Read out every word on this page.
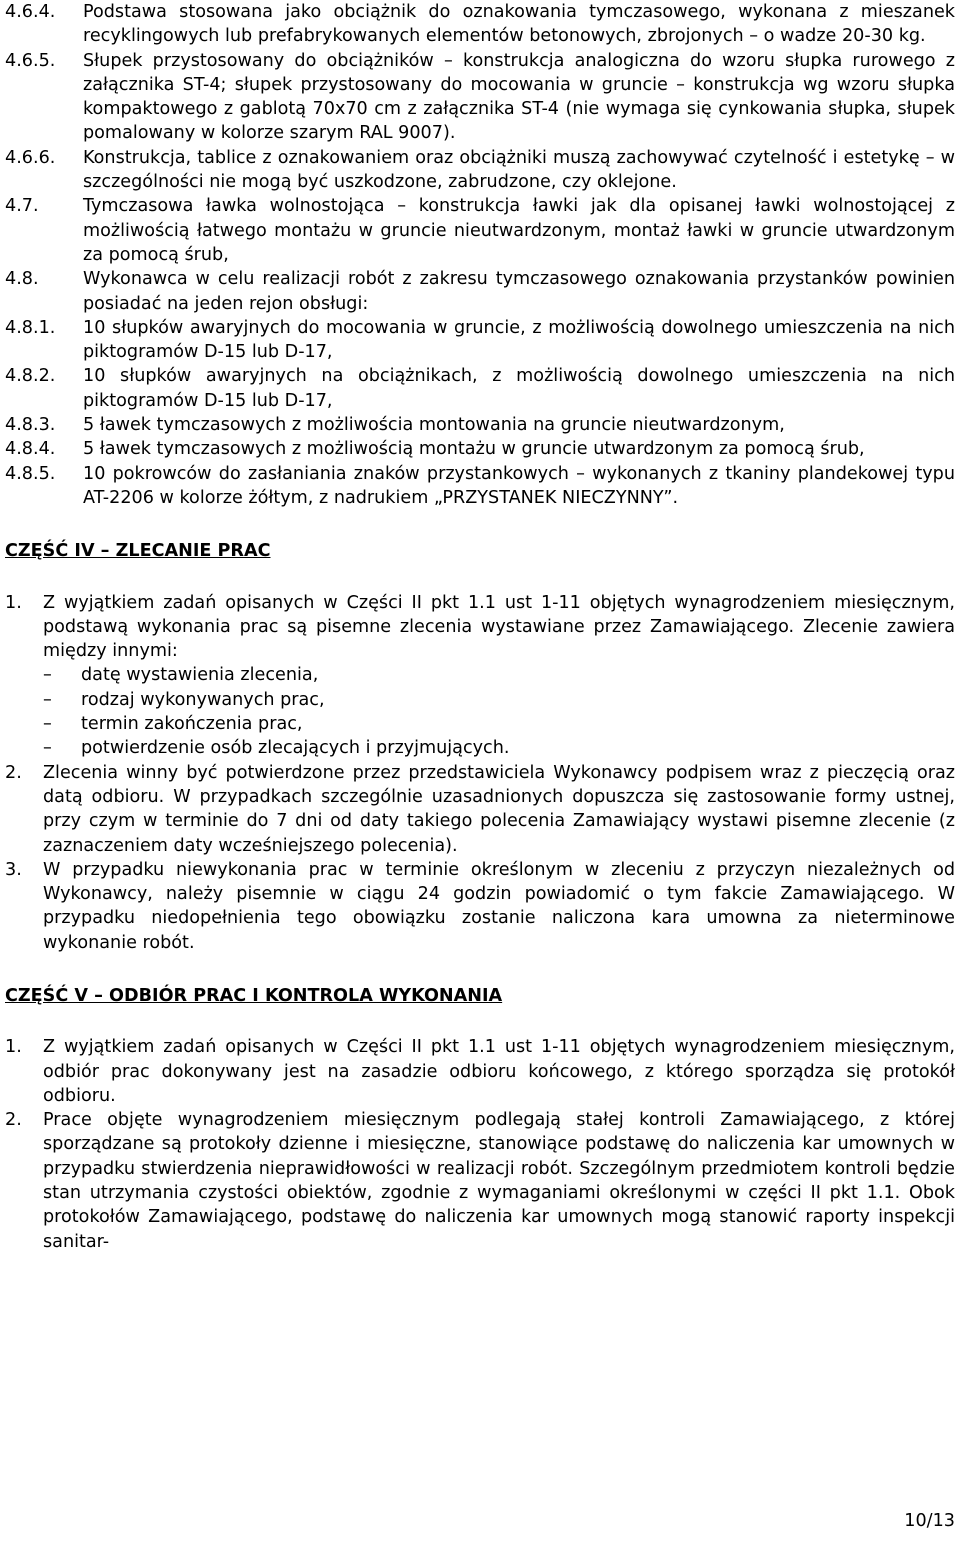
4.6.4.	Podstawa stosowana jako obciążnik do oznakowania tymczasowego, wykonana z mieszanek recyklingowych lub prefabrykowanych elementów betonowych, zbrojonych – o wadze 20-30 kg.
4.6.5.	Słupek przystosowany do obciążników – konstrukcja analogiczna do wzoru słupka rurowego z załącznika ST-4; słupek przystosowany do mocowania w gruncie – konstrukcja wg wzoru słupka kompaktowego z gablotą 70x70 cm z załącznika ST-4 (nie wymaga się cynkowania słupka, słupek pomalowany w kolorze szarym RAL 9007).
4.6.6.	Konstrukcja, tablice z oznakowaniem oraz obciążniki muszą zachowywać czytelność i estetykę – w szczególności nie mogą być uszkodzone, zabrudzone, czy oklejone.
4.7.	Tymczasowa ławka wolnostojąca – konstrukcja ławki jak dla opisanej ławki wolnostojącej z możliwością łatwego montażu w gruncie nieutwardzonym, montaż ławki w gruncie utwardzonym za pomocą śrub,
4.8.	Wykonawca w celu realizacji robót z zakresu tymczasowego oznakowania przystanków powinien posiadać na jeden rejon obsługi:
4.8.1.	10 słupków awaryjnych do mocowania w gruncie, z możliwością dowolnego umieszczenia na nich piktogramów D-15 lub D-17,
4.8.2.	10 słupków awaryjnych na obciążnikach, z możliwością dowolnego umieszczenia na nich piktogramów D-15 lub D-17,
4.8.3.	5 ławek tymczasowych z możliwościa montowania na gruncie nieutwardzonym,
4.8.4.	5 ławek tymczasowych z możliwością montażu w gruncie utwardzonym za pomocą śrub,
4.8.5.	10 pokrowców do zasłaniania znaków przystankowych – wykonanych z tkaniny plandekowej typu AT-2206 w kolorze żółtym, z nadrukiem „PRZYSTANEK NIECZYNNY”.
CZĘŚĆ IV – ZLECANIE PRAC
1.	Z wyjątkiem zadań opisanych w Części II pkt 1.1 ust 1-11 objętych wynagrodzeniem miesięcznym, podstawą wykonania prac są pisemne zlecenia wystawiane przez Zamawiającego. Zlecenie zawiera między innymi:
–	datę wystawienia zlecenia,
–	rodzaj wykonywanych prac,
–	termin zakończenia prac,
–	potwierdzenie osób zlecających i przyjmujących.
2.	Zlecenia winny być potwierdzone przez przedstawiciela Wykonawcy podpisem wraz z pieczęcią oraz datą odbioru. W przypadkach szczególnie uzasadnionych dopuszcza się zastosowanie formy ustnej, przy czym w terminie do 7 dni od daty takiego polecenia Zamawiający wystawi pisemne zlecenie (z zaznaczeniem daty wcześniejszego polecenia).
3.	W przypadku niewykonania prac w terminie określonym w zleceniu z przyczyn niezależnych od Wykonawcy, należy pisemnie w ciągu 24 godzin powiadomić o tym fakcie Zamawiającego. W przypadku niedopełnienia tego obowiązku zostanie naliczona kara umowna za nieterminowe wykonanie robót.
CZĘŚĆ V – ODBIÓR PRAC I KONTROLA WYKONANIA
1.	Z wyjątkiem zadań opisanych w Części II pkt 1.1 ust 1-11 objętych wynagrodzeniem miesięcznym, odbiór prac dokonywany jest na zasadzie odbioru końcowego, z którego sporządza się protokół odbioru.
2.	Prace objęte wynagrodzeniem miesięcznym podlegają stałej kontroli Zamawiającego, z której sporządzane są protokoły dzienne i miesięczne, stanowiące podstawę do naliczenia kar umownych w przypadku stwierdzenia nieprawidłowości w realizacji robót. Szczególnym przedmiotem kontroli będzie stan utrzymania czystości obiektów, zgodnie z wymaganiami określonymi w części II pkt 1.1. Obok protokołów Zamawiającego, podstawę do naliczenia kar umownych mogą stanowić raporty inspekcji sanitar-
10/13
